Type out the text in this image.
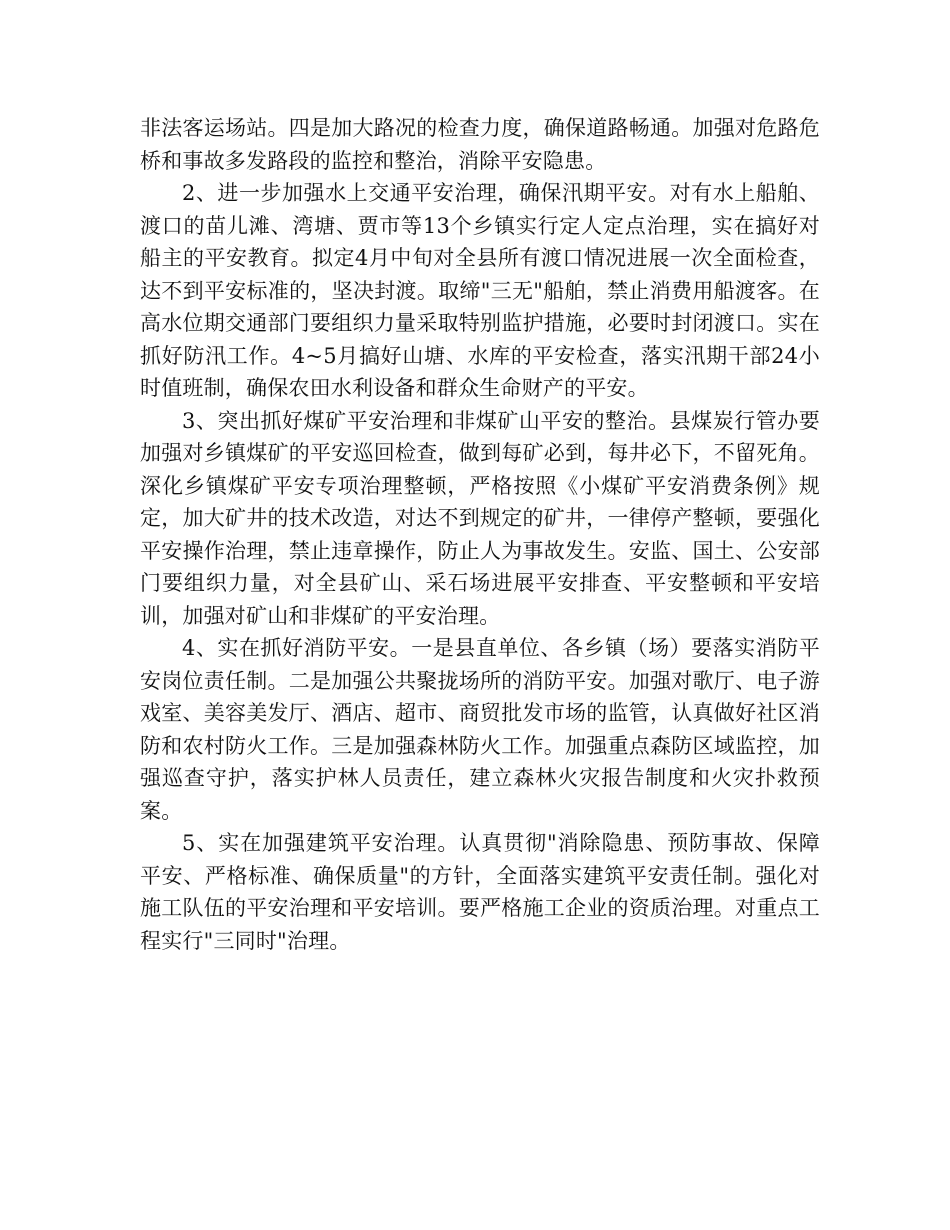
非法客运场站。四是加大路况的检查力度，确保道路畅通。加强对危路危桥和事故多发路段的监控和整治，消除平安隐患。

2、进一步加强水上交通平安治理，确保汛期平安。对有水上船舶、渡口的苗儿滩、湾塘、贾市等13个乡镇实行定人定点治理，实在搞好对船主的平安教育。拟定4月中旬对全县所有渡口情况进展一次全面检查，达不到平安标准的，坚决封渡。取缔"三无"船舶，禁止消费用船渡客。在高水位期交通部门要组织力量采取特别监护措施，必要时封闭渡口。实在抓好防汛工作。4~5月搞好山塘、水库的平安检查，落实汛期干部24小时值班制，确保农田水利设备和群众生命财产的平安。

3、突出抓好煤矿平安治理和非煤矿山平安的整治。县煤炭行管办要加强对乡镇煤矿的平安巡回检查，做到每矿必到，每井必下，不留死角。深化乡镇煤矿平安专项治理整顿，严格按照《小煤矿平安消费条例》规定，加大矿井的技术改造，对达不到规定的矿井，一律停产整顿，要强化平安操作治理，禁止违章操作，防止人为事故发生。安监、国土、公安部门要组织力量，对全县矿山、采石场进展平安排查、平安整顿和平安培训，加强对矿山和非煤矿的平安治理。

4、实在抓好消防平安。一是县直单位、各乡镇（场）要落实消防平安岗位责任制。二是加强公共聚拢场所的消防平安。加强对歌厅、电子游戏室、美容美发厅、酒店、超市、商贸批发市场的监管，认真做好社区消防和农村防火工作。三是加强森林防火工作。加强重点森防区域监控，加强巡查守护，落实护林人员责任，建立森林火灾报告制度和火灾扑救预案。

5、实在加强建筑平安治理。认真贯彻"消除隐患、预防事故、保障平安、严格标准、确保质量"的方针，全面落实建筑平安责任制。强化对施工队伍的平安治理和平安培训。要严格施工企业的资质治理。对重点工程实行"三同时"治理。
